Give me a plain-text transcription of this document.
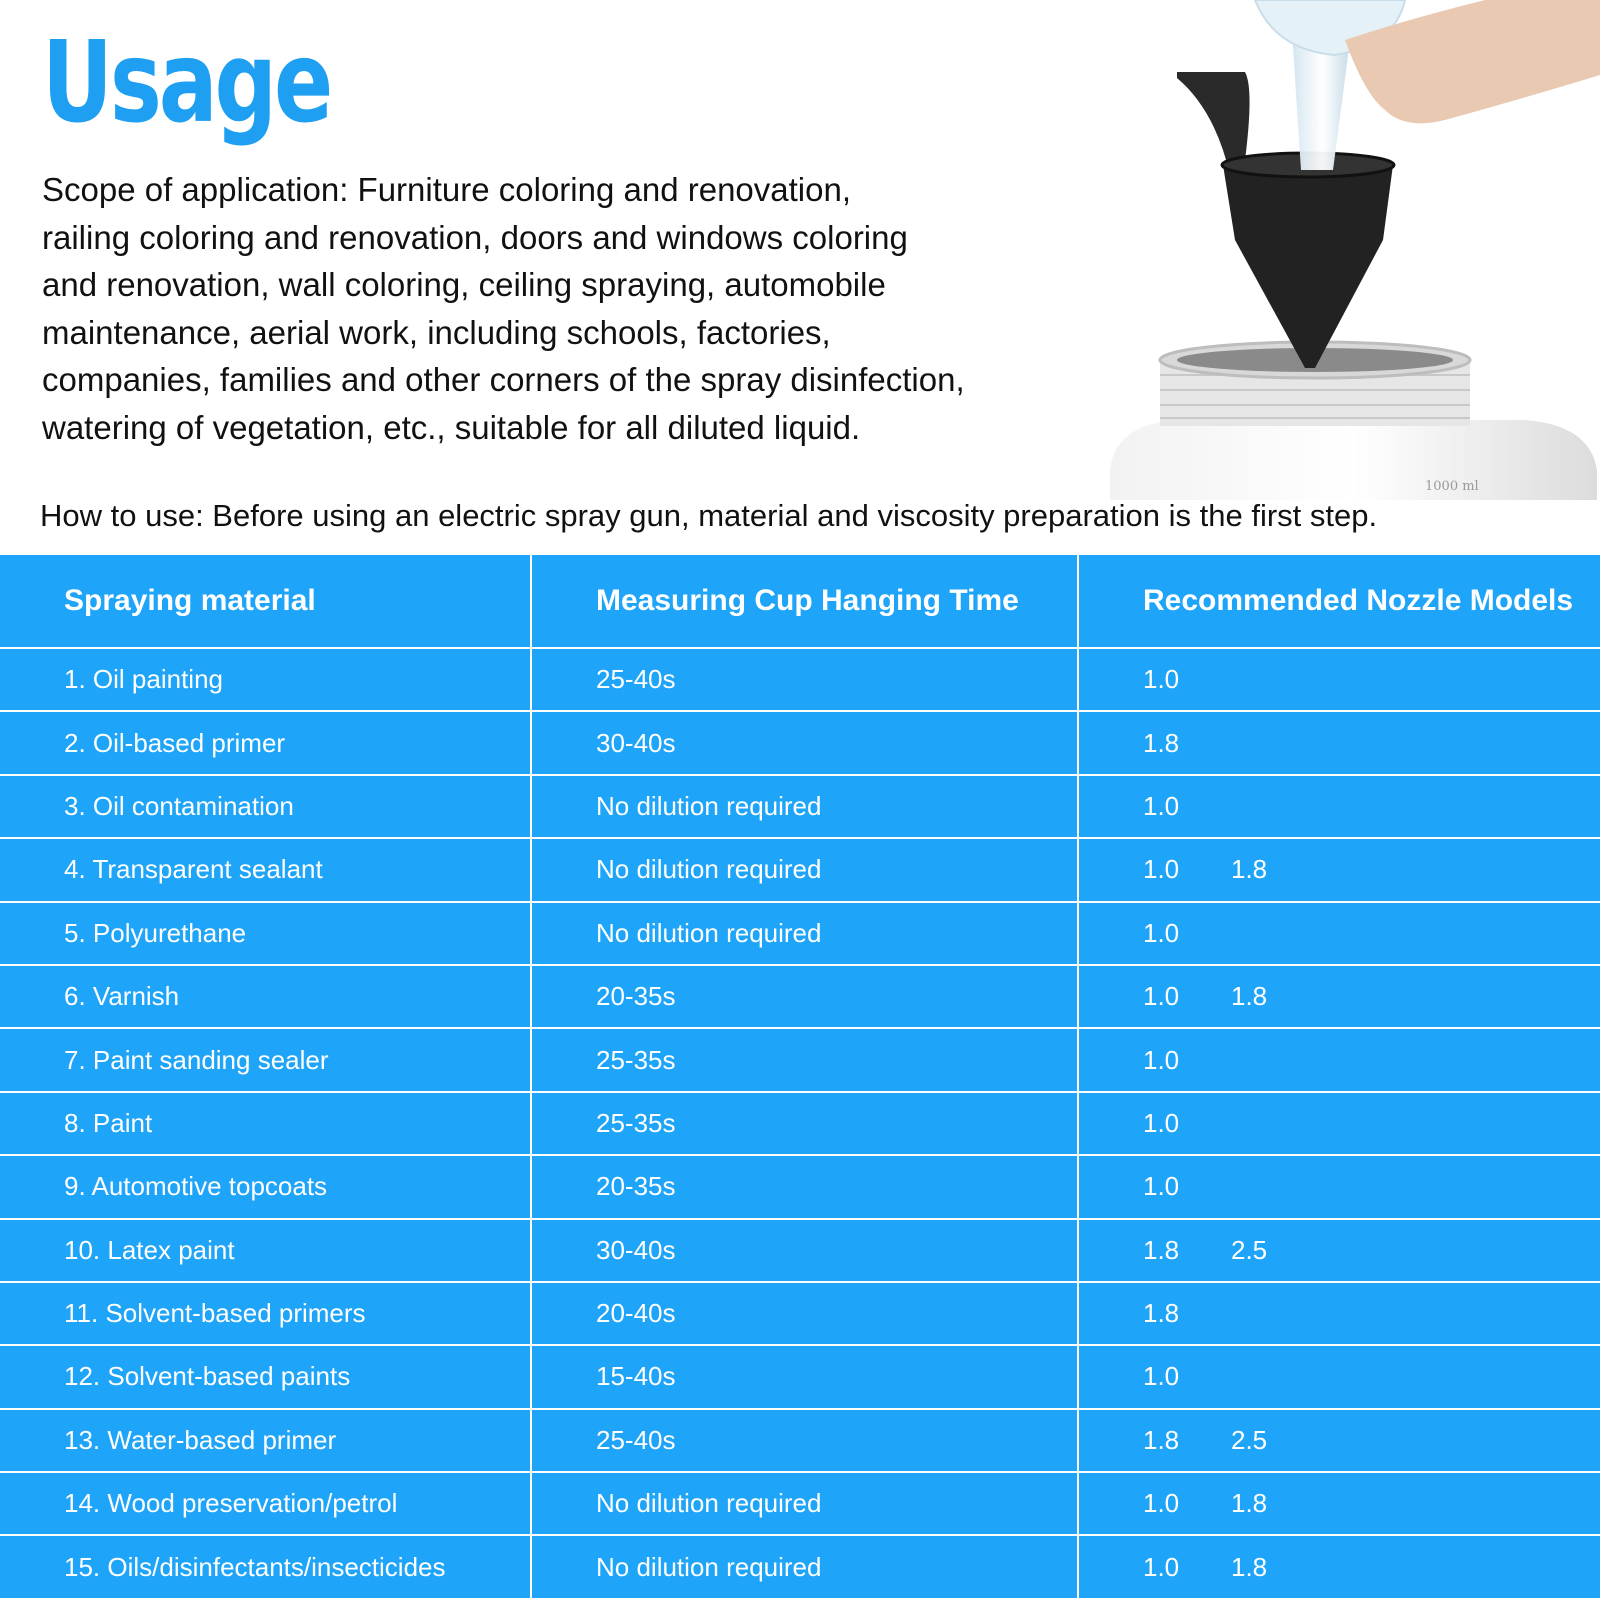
Usage

Scope of application: Furniture coloring and renovation,
railing coloring and renovation, doors and windows coloring
and renovation, wall coloring, ceiling spraying, automobile
maintenance, aerial work, including schools, factories,
companies, families and other corners of the spray disinfection,
watering of vegetation, etc., suitable for all diluted liquid.

1000 ml

How to use: Before using an electric spray gun, material and viscosity preparation is the first step.

Spraying material	Measuring Cup Hanging Time	Recommended Nozzle Models
1. Oil painting	25-40s	1.0
2. Oil-based primer	30-40s	1.8
3. Oil contamination	No dilution required	1.0
4. Transparent sealant	No dilution required	1.0 1.8
5. Polyurethane	No dilution required	1.0
6. Varnish	20-35s	1.0 1.8
7. Paint sanding sealer	25-35s	1.0
8. Paint	25-35s	1.0
9. Automotive topcoats	20-35s	1.0
10. Latex paint	30-40s	1.8 2.5
11. Solvent-based primers	20-40s	1.8
12. Solvent-based paints	15-40s	1.0
13. Water-based primer	25-40s	1.8 2.5
14. Wood preservation/petrol	No dilution required	1.0 1.8
15. Oils/disinfectants/insecticides	No dilution required	1.0 1.8
